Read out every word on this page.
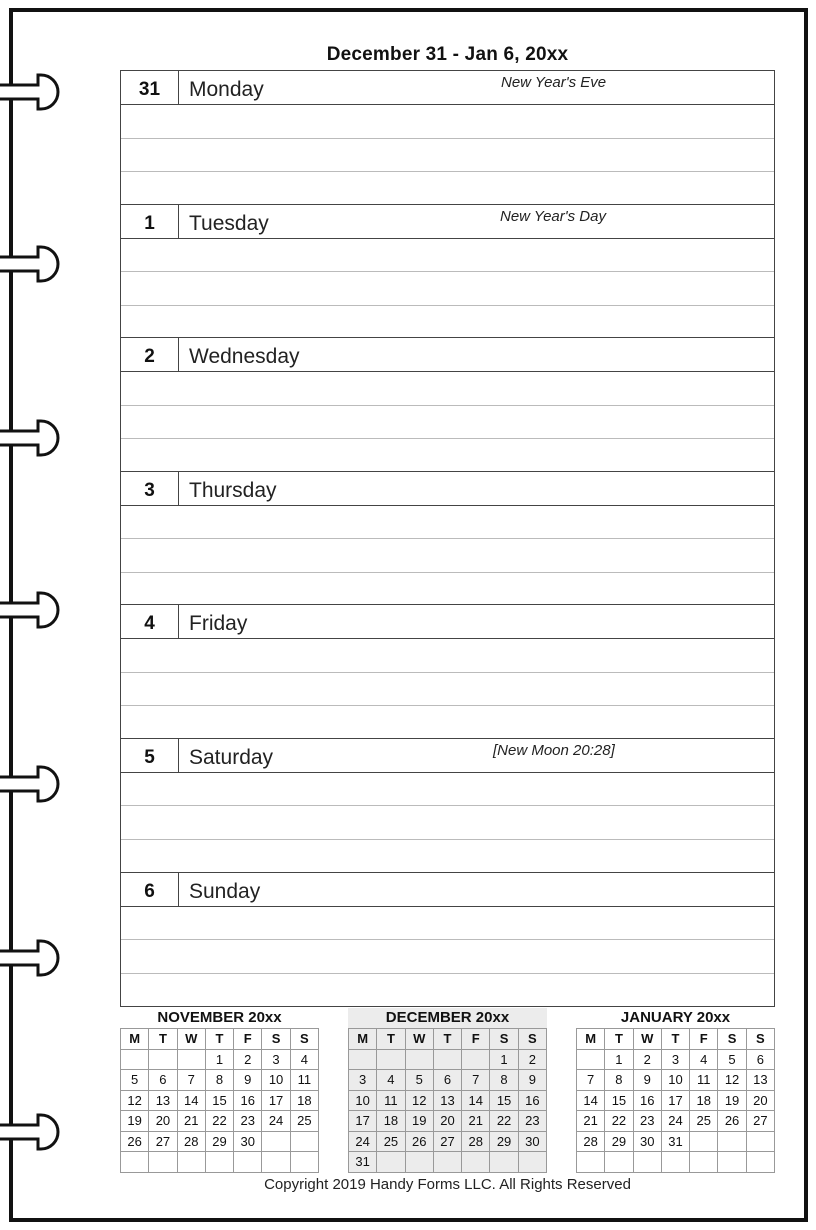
December 31 - Jan 6, 20xx
31	Monday	New Year's Eve
1	Tuesday	New Year's Day
2	Wednesday
3	Thursday
4	Friday
5	Saturday	[New Moon 20:28]
6	Sunday
NOVEMBER 20xx
M	T	W	T	F	S	S
			1	2	3	4
5	6	7	8	9	10	11
12	13	14	15	16	17	18
19	20	21	22	23	24	25
26	27	28	29	30		

DECEMBER 20xx
M	T	W	T	F	S	S
					1	2
3	4	5	6	7	8	9
10	11	12	13	14	15	16
17	18	19	20	21	22	23
24	25	26	27	28	29	30
31						
JANUARY 20xx
M	T	W	T	F	S	S
	1	2	3	4	5	6
7	8	9	10	11	12	13
14	15	16	17	18	19	20
21	22	23	24	25	26	27
28	29	30	31			

Copyright 2019 Handy Forms LLC. All Rights Reserved
